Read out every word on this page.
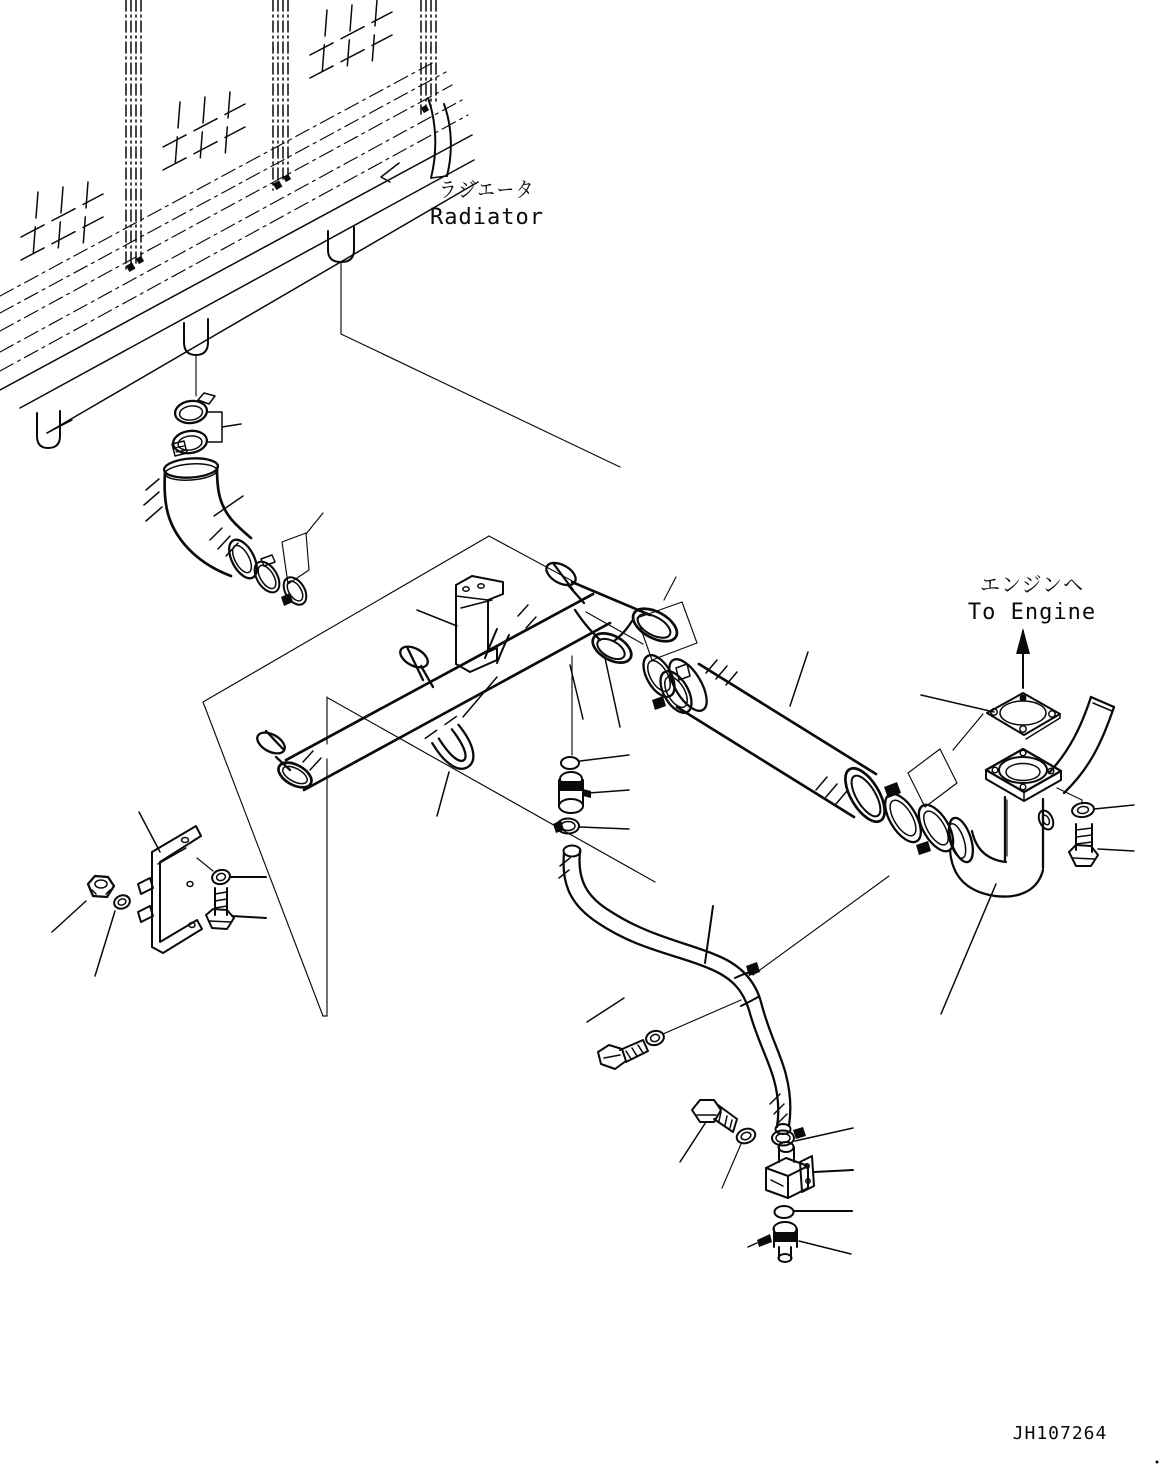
ラジエータ
Radiator
エンジンヘ
To Engine
JH107264
